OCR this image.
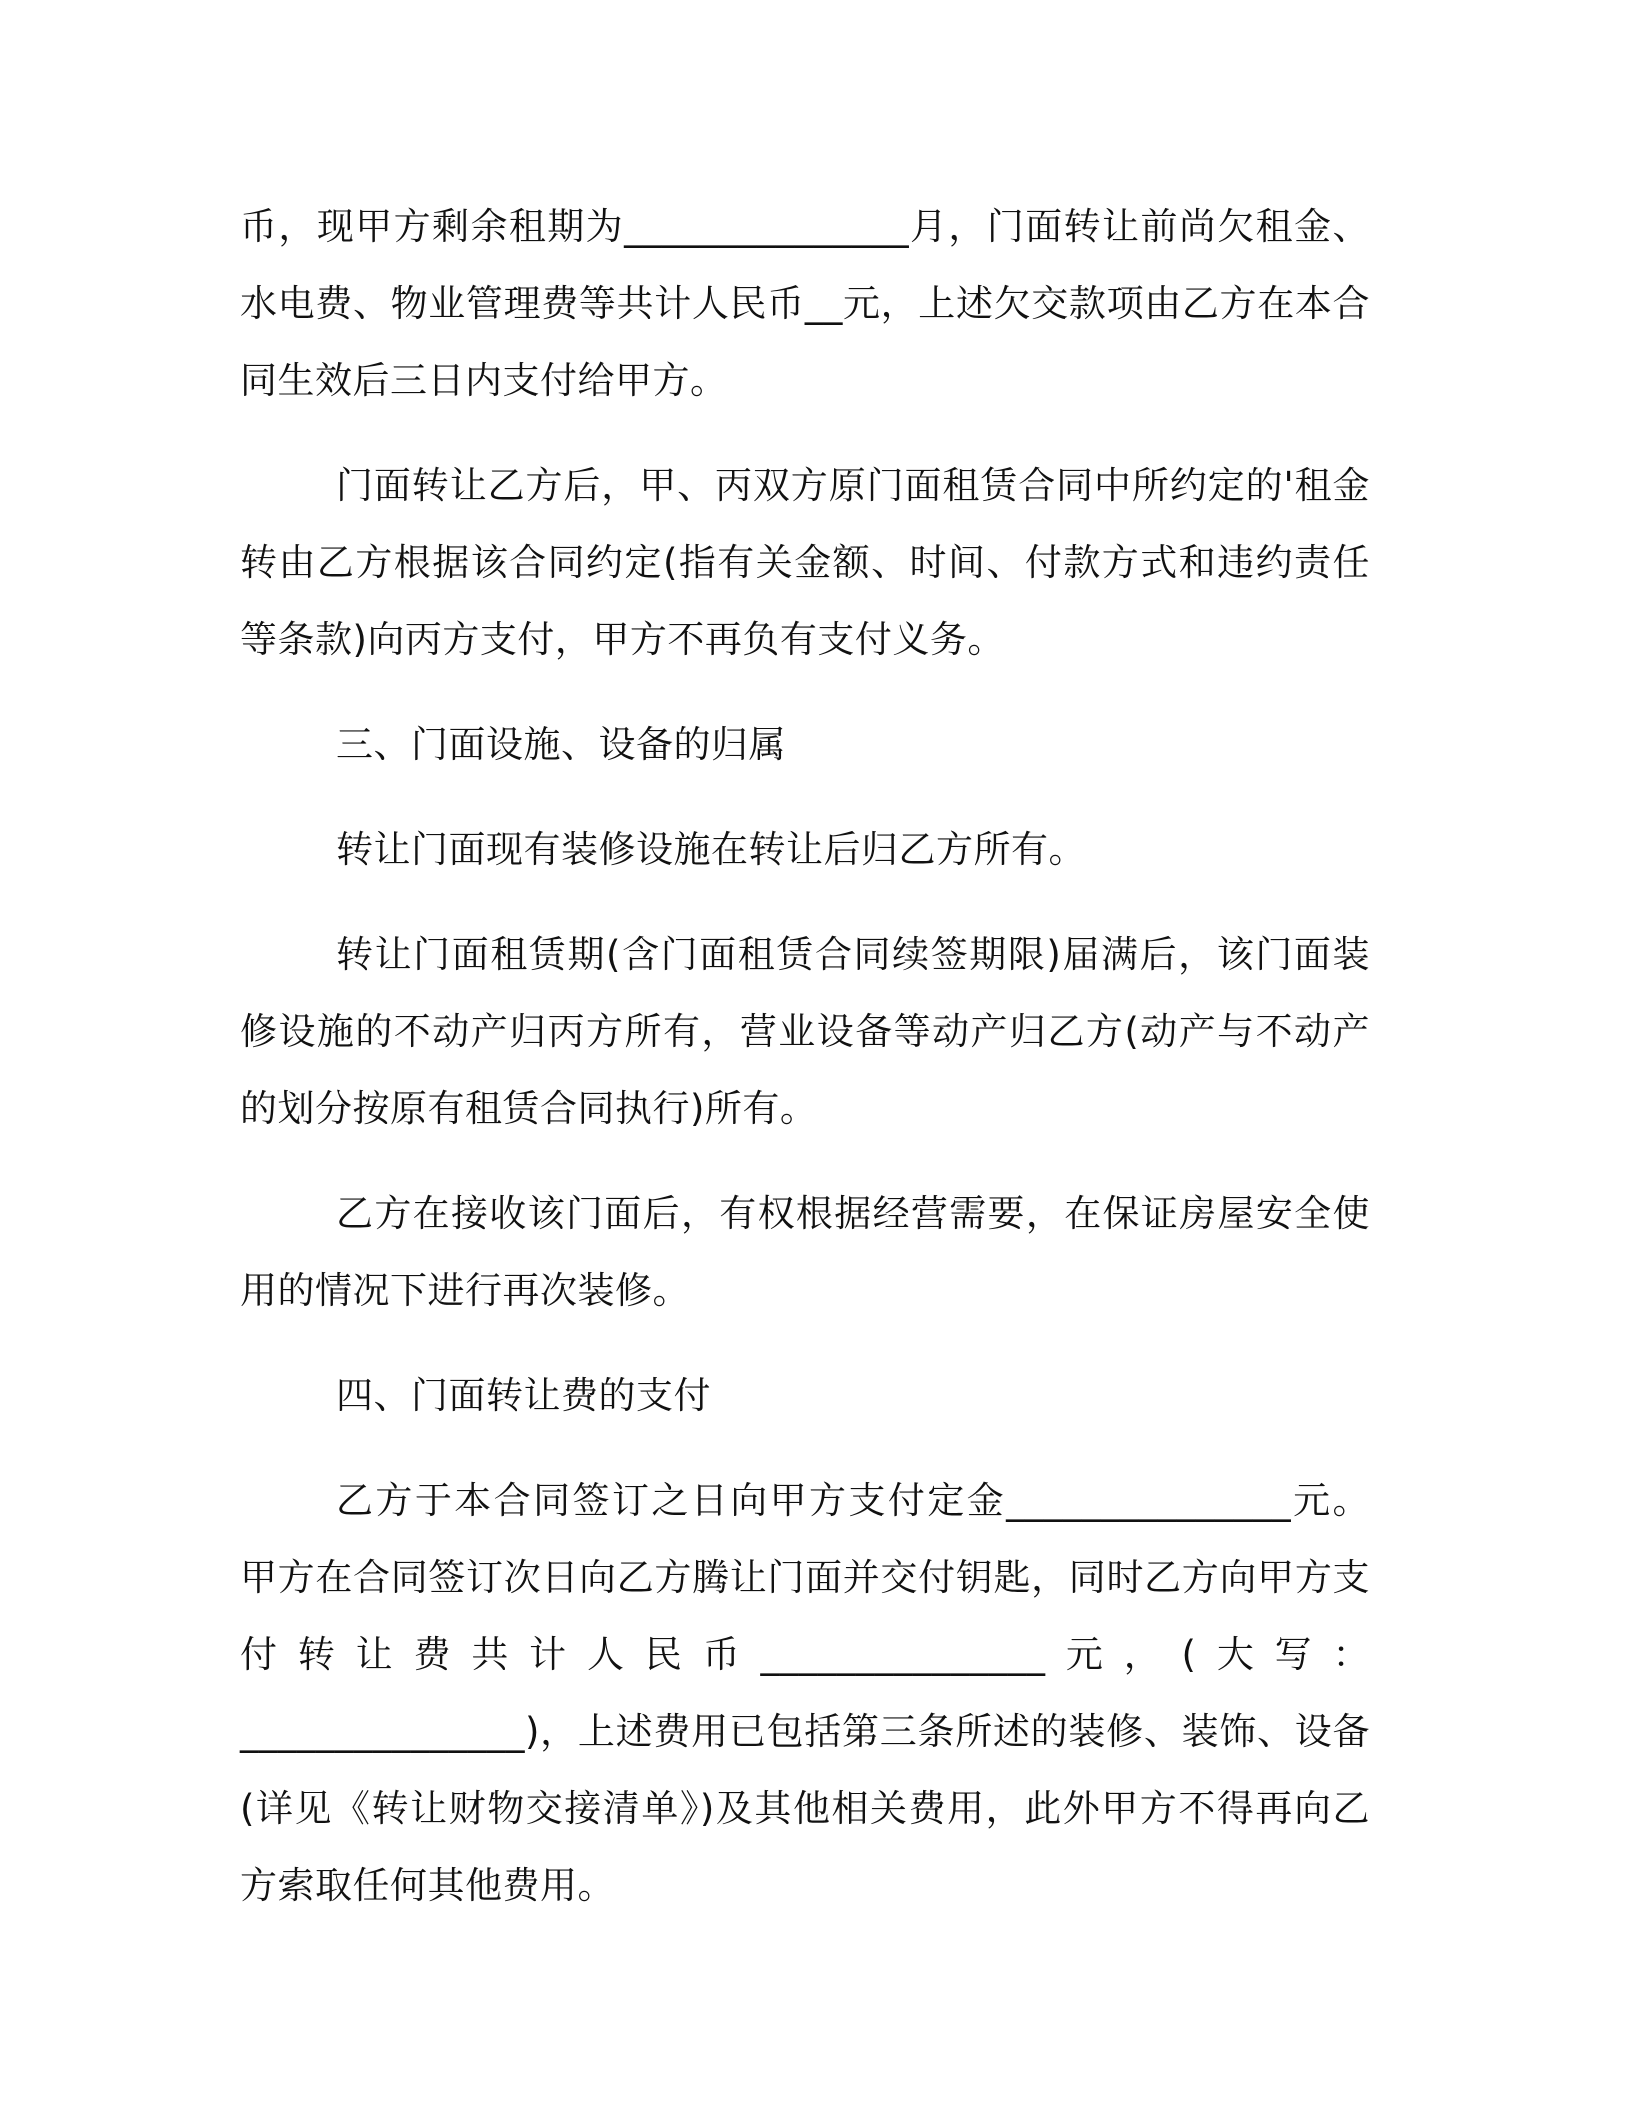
币，现甲方剩余租期为_______________月，门面转让前尚欠租金、水电费、物业管理费等共计人民币__元，上述欠交款项由乙方在本合同生效后三日内支付给甲方。

门面转让乙方后，甲、丙双方原门面租赁合同中所约定的'租金转由乙方根据该合同约定(指有关金额、时间、付款方式和违约责任等条款)向丙方支付，甲方不再负有支付义务。

三、门面设施、设备的归属

转让门面现有装修设施在转让后归乙方所有。

转让门面租赁期(含门面租赁合同续签期限)届满后，该门面装修设施的不动产归丙方所有，营业设备等动产归乙方(动产与不动产的划分按原有租赁合同执行)所有。

乙方在接收该门面后，有权根据经营需要，在保证房屋安全使用的情况下进行再次装修。

四、门面转让费的支付

乙方于本合同签订之日向甲方支付定金_______________元。甲方在合同签订次日向乙方腾让门面并交付钥匙，同时乙方向甲方支付转让费共计人民币_______________元，(大写：_______________)，上述费用已包括第三条所述的装修、装饰、设备(详见《转让财物交接清单》)及其他相关费用，此外甲方不得再向乙方索取任何其他费用。
